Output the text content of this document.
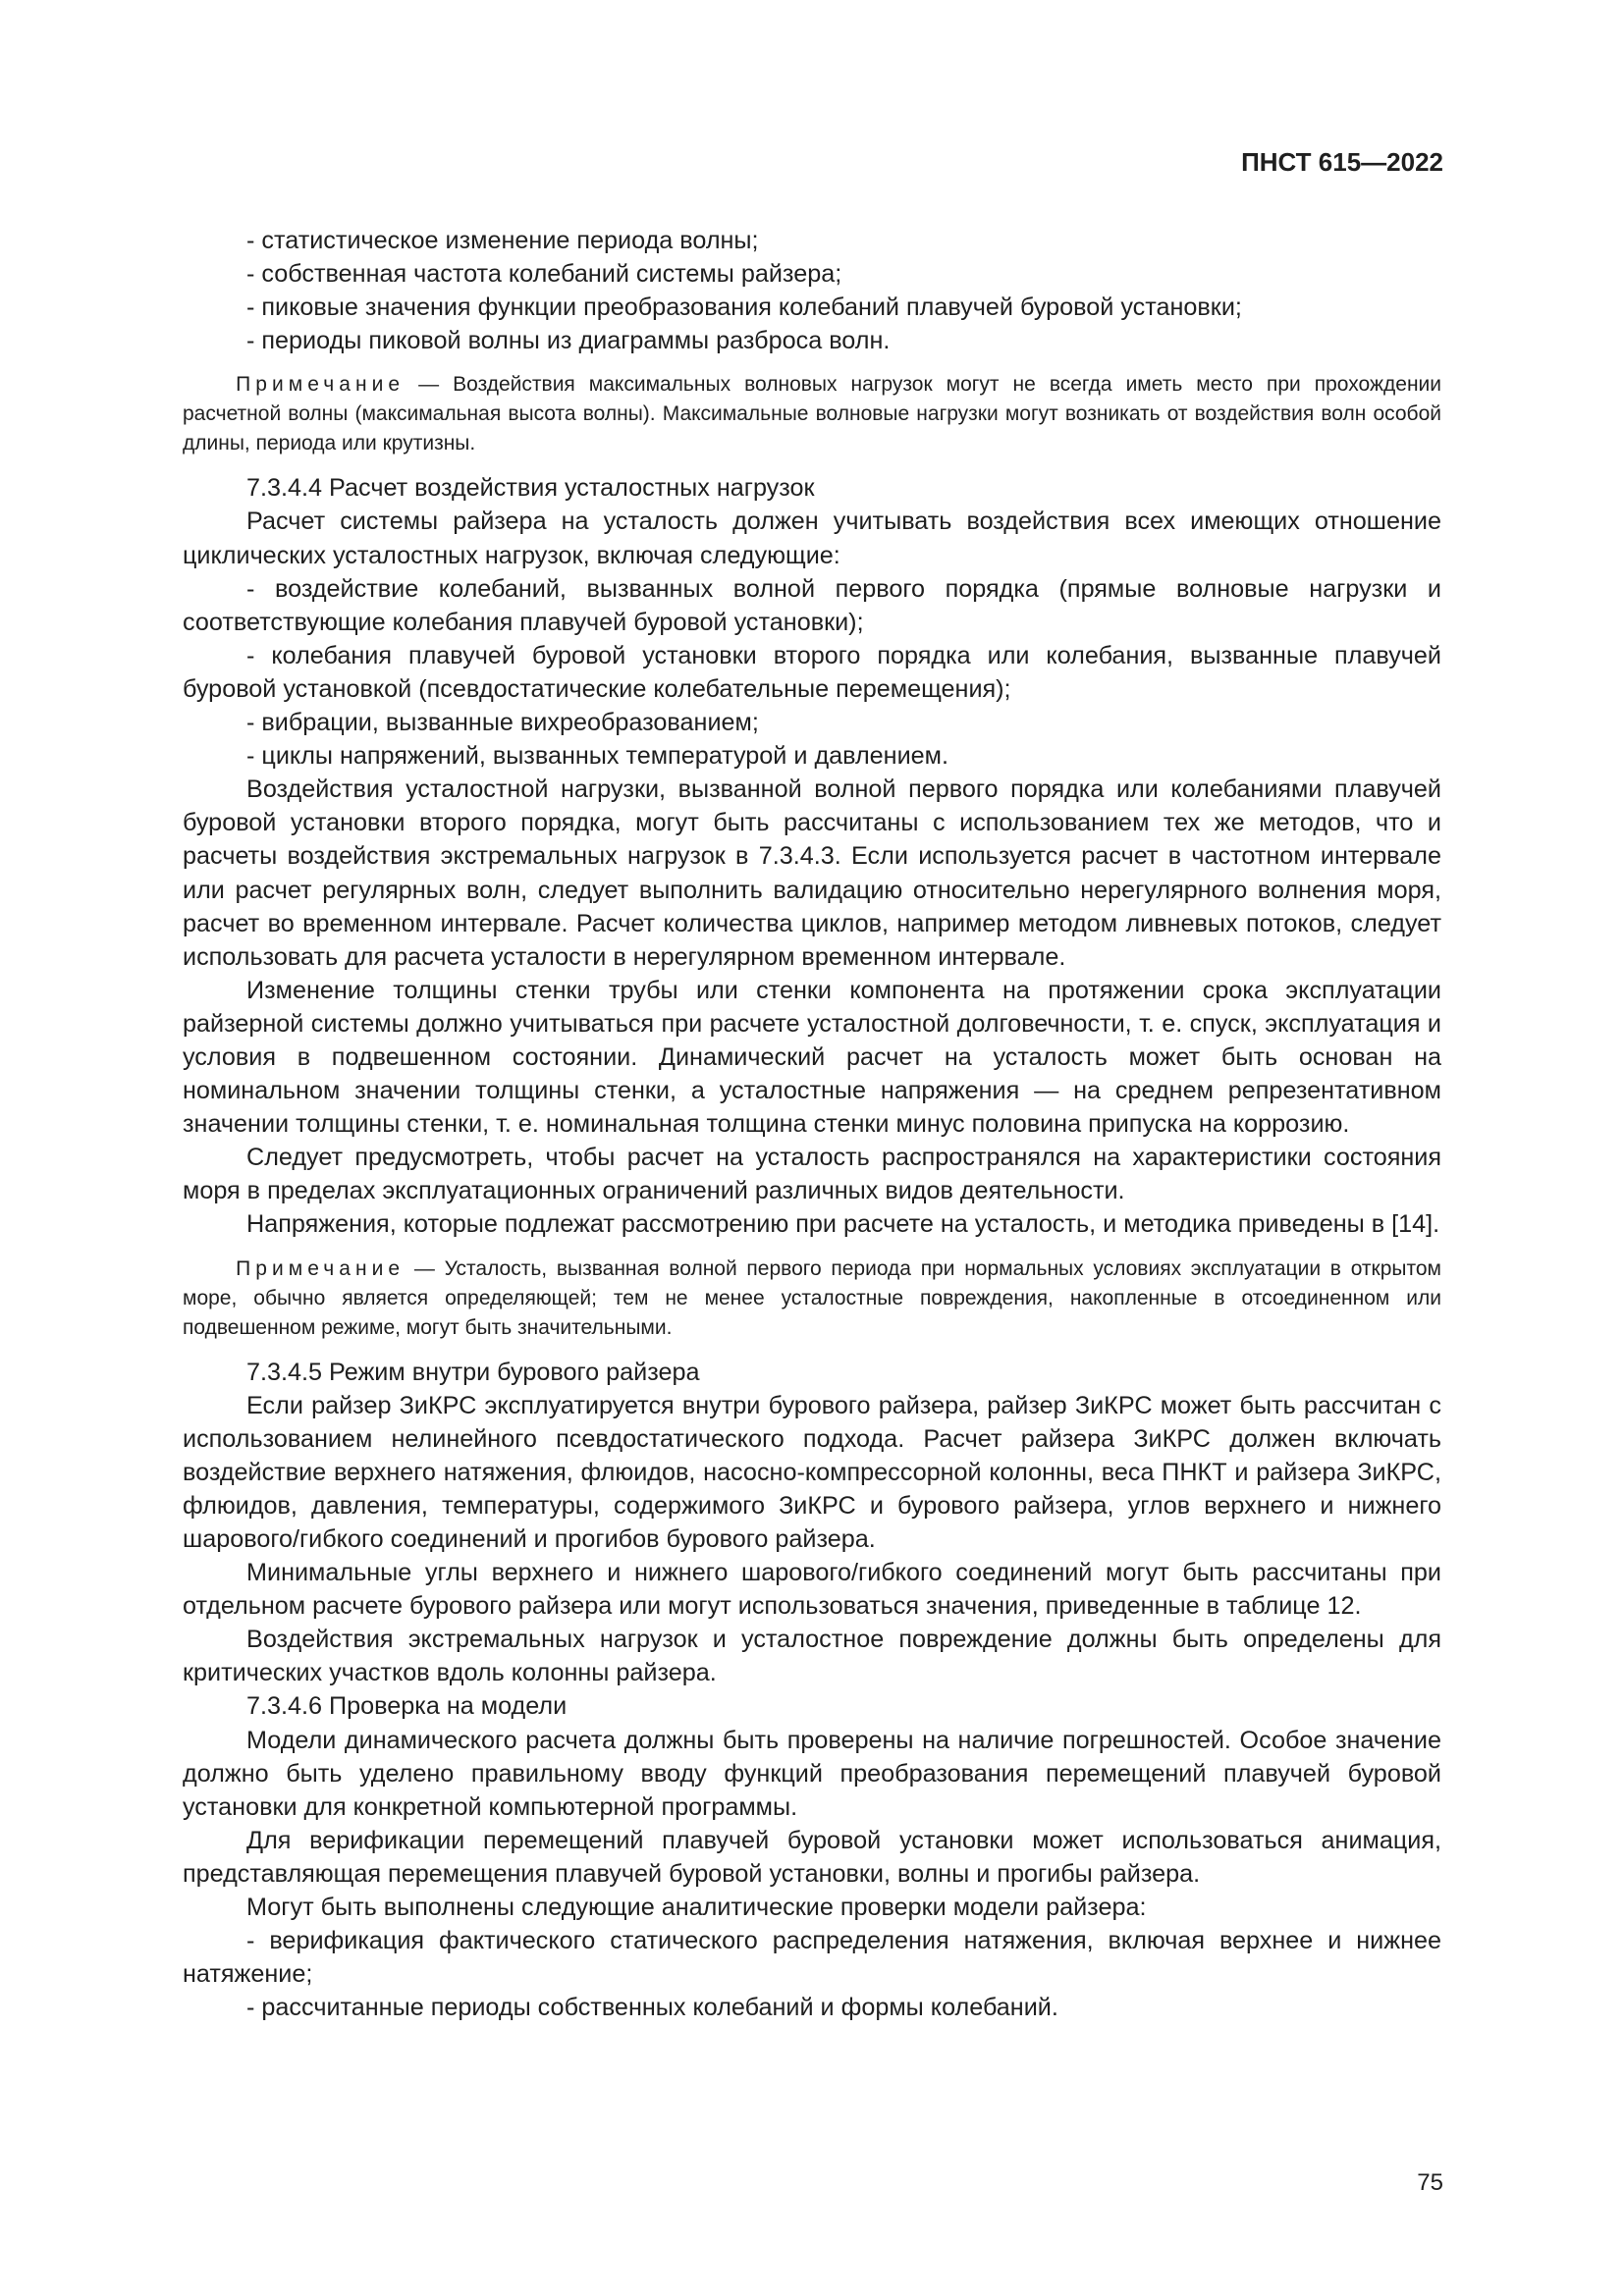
ПНСТ 615—2022

- статистическое изменение периода волны;

- собственная частота колебаний системы райзера;

- пиковые значения функции преобразования колебаний плавучей буровой установки;

- периоды пиковой волны из диаграммы разброса волн.

Примечание — Воздействия максимальных волновых нагрузок могут не всегда иметь место при прохождении расчетной волны (максимальная высота волны). Максимальные волновые нагрузки могут возникать от воздействия волн особой длины, периода или крутизны.

7.3.4.4 Расчет воздействия усталостных нагрузок

Расчет системы райзера на усталость должен учитывать воздействия всех имеющих отношение циклических усталостных нагрузок, включая следующие:

- воздействие колебаний, вызванных волной первого порядка (прямые волновые нагрузки и соответствующие колебания плавучей буровой установки);

- колебания плавучей буровой установки второго порядка или колебания, вызванные плавучей буровой установкой (псевдостатические колебательные перемещения);

- вибрации, вызванные вихреобразованием;

- циклы напряжений, вызванных температурой и давлением.

Воздействия усталостной нагрузки, вызванной волной первого порядка или колебаниями плавучей буровой установки второго порядка, могут быть рассчитаны с использованием тех же методов, что и расчеты воздействия экстремальных нагрузок в 7.3.4.3. Если используется расчет в частотном интервале или расчет регулярных волн, следует выполнить валидацию относительно нерегулярного волнения моря, расчет во временном интервале. Расчет количества циклов, например методом ливневых потоков, следует использовать для расчета усталости в нерегулярном временном интервале.

Изменение толщины стенки трубы или стенки компонента на протяжении срока эксплуатации райзерной системы должно учитываться при расчете усталостной долговечности, т. е. спуск, эксплуатация и условия в подвешенном состоянии. Динамический расчет на усталость может быть основан на номинальном значении толщины стенки, а усталостные напряжения — на среднем репрезентативном значении толщины стенки, т. е. номинальная толщина стенки минус половина припуска на коррозию.

Следует предусмотреть, чтобы расчет на усталость распространялся на характеристики состояния моря в пределах эксплуатационных ограничений различных видов деятельности.

Напряжения, которые подлежат рассмотрению при расчете на усталость, и методика приведены в [14].

Примечание — Усталость, вызванная волной первого периода при нормальных условиях эксплуатации в открытом море, обычно является определяющей; тем не менее усталостные повреждения, накопленные в отсоединенном или подвешенном режиме, могут быть значительными.

7.3.4.5 Режим внутри бурового райзера

Если райзер ЗиКРС эксплуатируется внутри бурового райзера, райзер ЗиКРС может быть рассчитан с использованием нелинейного псевдостатического подхода. Расчет райзера ЗиКРС должен включать воздействие верхнего натяжения, флюидов, насосно-компрессорной колонны, веса ПНКТ и райзера ЗиКРС, флюидов, давления, температуры, содержимого ЗиКРС и бурового райзера, углов верхнего и нижнего шарового/гибкого соединений и прогибов бурового райзера.

Минимальные углы верхнего и нижнего шарового/гибкого соединений могут быть рассчитаны при отдельном расчете бурового райзера или могут использоваться значения, приведенные в таблице 12.

Воздействия экстремальных нагрузок и усталостное повреждение должны быть определены для критических участков вдоль колонны райзера.

7.3.4.6 Проверка на модели

Модели динамического расчета должны быть проверены на наличие погрешностей. Особое значение должно быть уделено правильному вводу функций преобразования перемещений плавучей буровой установки для конкретной компьютерной программы.

Для верификации перемещений плавучей буровой установки может использоваться анимация, представляющая перемещения плавучей буровой установки, волны и прогибы райзера.

Могут быть выполнены следующие аналитические проверки модели райзера:

- верификация фактического статического распределения натяжения, включая верхнее и нижнее натяжение;

- рассчитанные периоды собственных колебаний и формы колебаний.

75
